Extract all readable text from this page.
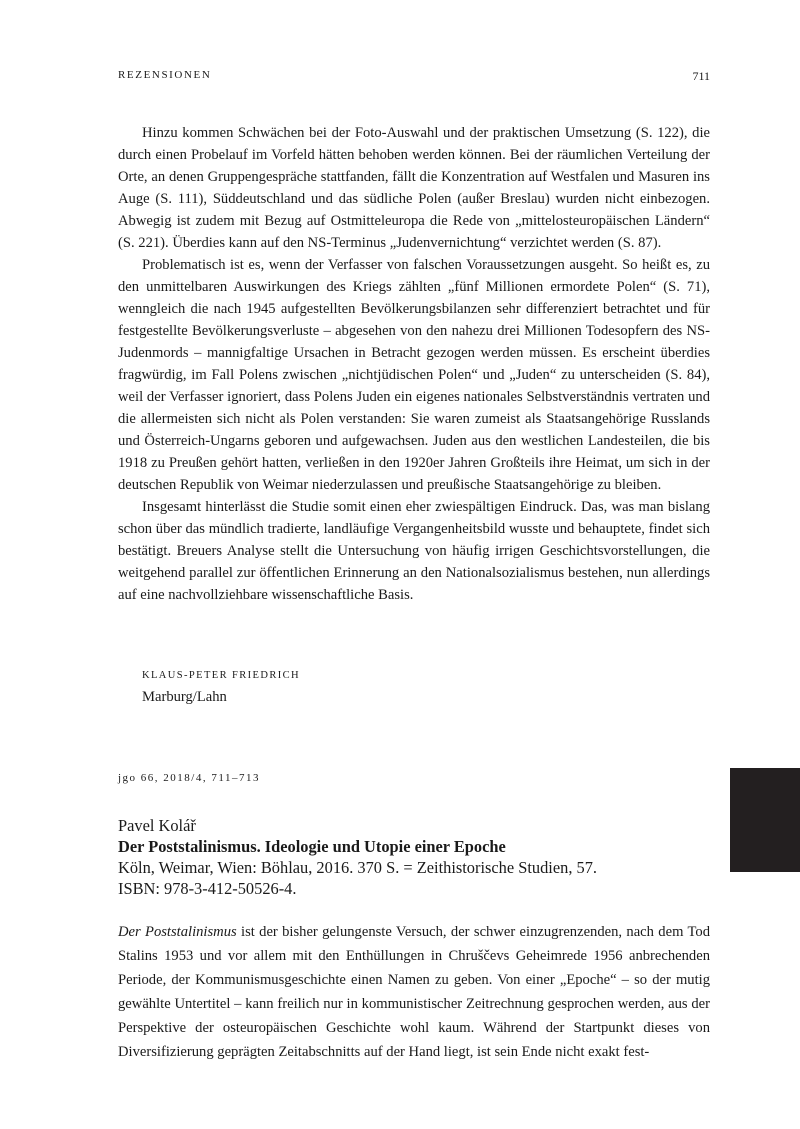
REZENSIONEN	711

Hinzu kommen Schwächen bei der Foto-Auswahl und der praktischen Umsetzung (S. 122), die durch einen Probelauf im Vorfeld hätten behoben werden können. Bei der räumlichen Verteilung der Orte, an denen Gruppengespräche stattfanden, fällt die Konzentration auf Westfalen und Masuren ins Auge (S. 111), Süddeutschland und das südliche Polen (außer Breslau) wurden nicht einbezogen. Abwegig ist zudem mit Bezug auf Ostmitteleuropa die Rede von „mittelosteuropäischen Ländern“ (S. 221). Überdies kann auf den NS-Terminus „Judenvernichtung“ verzichtet werden (S. 87).

Problematisch ist es, wenn der Verfasser von falschen Voraussetzungen ausgeht. So heißt es, zu den unmittelbaren Auswirkungen des Kriegs zählten „fünf Millionen ermordete Polen“ (S. 71), wenngleich die nach 1945 aufgestellten Bevölkerungsbilanzen sehr differenziert betrachtet und für festgestellte Bevölkerungsverluste – abgesehen von den nahezu drei Millionen Todesopfern des NS-Judenmords – mannigfaltige Ursachen in Betracht gezogen werden müssen. Es erscheint überdies fragwürdig, im Fall Polens zwischen „nichtjüdischen Polen“ und „Juden“ zu unterscheiden (S. 84), weil der Verfasser ignoriert, dass Polens Juden ein eigenes nationales Selbstverständnis vertraten und die allermeisten sich nicht als Polen verstanden: Sie waren zumeist als Staatsangehörige Russlands und Österreich-Ungarns geboren und aufgewachsen. Juden aus den westlichen Landesteilen, die bis 1918 zu Preußen gehört hatten, verließen in den 1920er Jahren Großteils ihre Heimat, um sich in der deutschen Republik von Weimar niederzulassen und preußische Staatsangehörige zu bleiben.

Insgesamt hinterlässt die Studie somit einen eher zwiespältigen Eindruck. Das, was man bislang schon über das mündlich tradierte, landläufige Vergangenheitsbild wusste und behauptete, findet sich bestätigt. Breuers Analyse stellt die Untersuchung von häufig irrigen Geschichtsvorstellungen, die weitgehend parallel zur öffentlichen Erinnerung an den Nationalsozialismus bestehen, nun allerdings auf eine nachvollziehbare wissenschaftliche Basis.

KLAUS-PETER FRIEDRICH
Marburg/Lahn
jgo 66, 2018/4, 711–713
Pavel Kolář
Der Poststalinismus. Ideologie und Utopie einer Epoche
Köln, Weimar, Wien: Böhlau, 2016. 370 S. = Zeithistorische Studien, 57.
ISBN: 978-3-412-50526-4.

Der Poststalinismus ist der bisher gelungenste Versuch, der schwer einzugrenzenden, nach dem Tod Stalins 1953 und vor allem mit den Enthüllungen in Chruščevs Geheimrede 1956 anbrechenden Periode, der Kommunismusgeschichte einen Namen zu geben. Von einer „Epoche“ – so der mutig gewählte Untertitel – kann freilich nur in kommunistischer Zeitrechnung gesprochen werden, aus der Perspektive der osteuropäischen Geschichte wohl kaum. Während der Startpunkt dieses von Diversifizierung geprägten Zeitabschnitts auf der Hand liegt, ist sein Ende nicht exakt fest-
